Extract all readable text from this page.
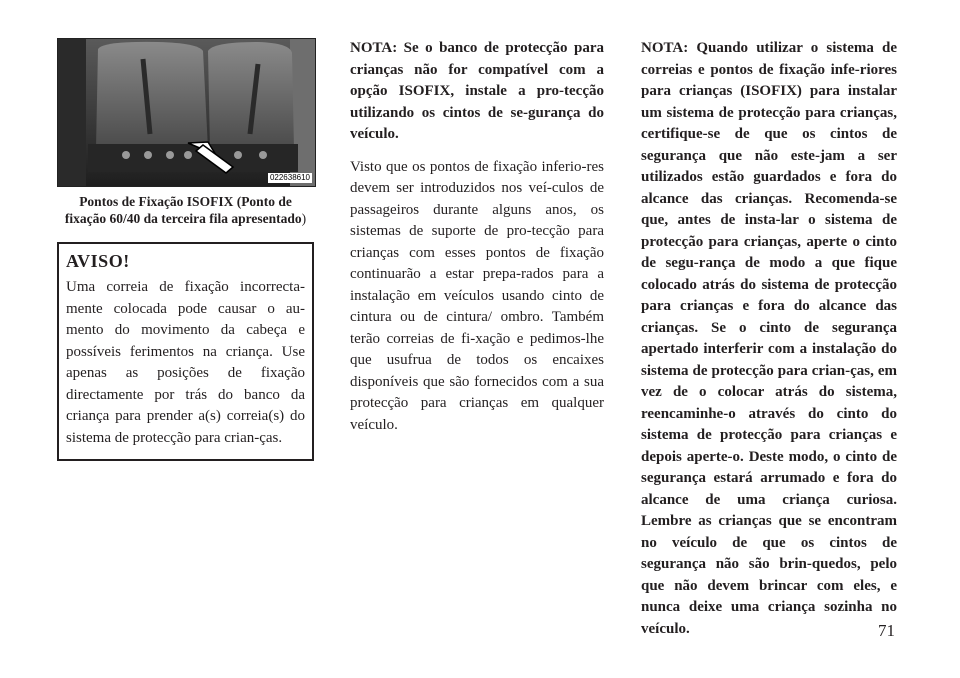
022638610

Pontos de Fixação ISOFIX (Ponto de fixação 60/40 da terceira fila apresentado)

AVISO!

Uma correia de fixação incorrecta-mente colocada pode causar o au-mento do movimento da cabeça e possíveis ferimentos na criança. Use apenas as posições de fixação directamente por trás do banco da criança para prender a(s) correia(s) do sistema de protecção para crian-ças.

NOTA: Se o banco de protecção para crianças não for compatível com a opção ISOFIX, instale a pro-tecção utilizando os cintos de se-gurança do veículo.

Visto que os pontos de fixação inferio-res devem ser introduzidos nos veí-culos de passageiros durante alguns anos, os sistemas de suporte de pro-tecção para crianças com esses pontos de fixação continuarão a estar prepa-rados para a instalação em veículos usando cinto de cintura ou de cintura/ ombro. Também terão correias de fi-xação e pedimos-lhe que usufrua de todos os encaixes disponíveis que são fornecidos com a sua protecção para crianças em qualquer veículo.

NOTA: Quando utilizar o sistema de correias e pontos de fixação infe-riores para crianças (ISOFIX) para instalar um sistema de protecção para crianças, certifique-se de que os cintos de segurança que não este-jam a ser utilizados estão guardados e fora do alcance das crianças. Recomenda-se que, antes de insta-lar o sistema de protecção para crianças, aperte o cinto de segu-rança de modo a que fique colocado atrás do sistema de protecção para crianças e fora do alcance das crianças. Se o cinto de segurança apertado interferir com a instalação do sistema de protecção para crian-ças, em vez de o colocar atrás do sistema, reencaminhe-o através do cinto do sistema de protecção para crianças e depois aperte-o. Deste modo, o cinto de segurança estará arrumado e fora do alcance de uma criança curiosa. Lembre as crianças que se encontram no veículo de que os cintos de segurança não são brin-quedos, pelo que não devem brincar com eles, e nunca deixe uma criança sozinha no veículo.	71
